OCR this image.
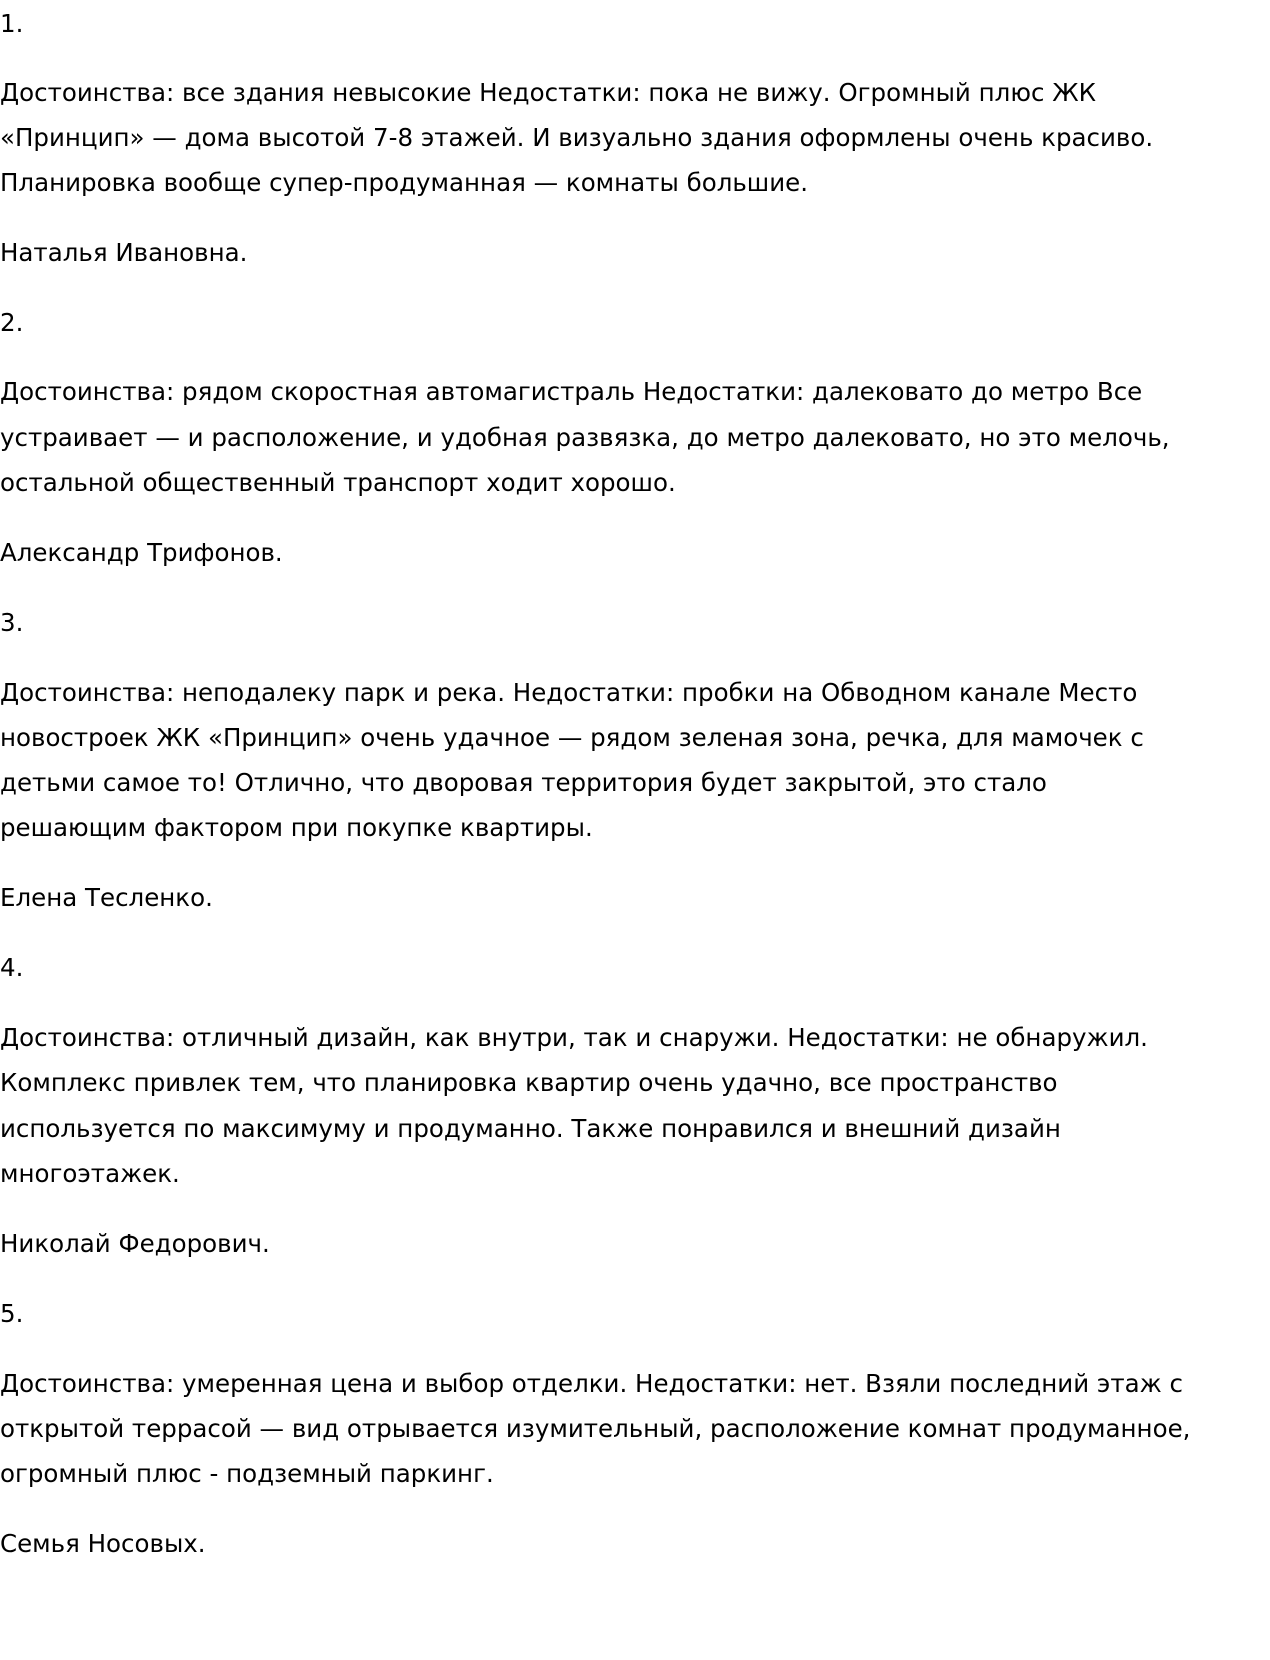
1.
Достоинства: все здания невысокие Недостатки: пока не вижу. Огромный плюс ЖК
«Принцип» — дома высотой 7-8 этажей. И визуально здания оформлены очень красиво.
Планировка вообще супер-продуманная — комнаты большие.
Наталья Ивановна.
2.
Достоинства: рядом скоростная автомагистраль Недостатки: далековато до метро Все
устраивает — и расположение, и удобная развязка, до метро далековато, но это мелочь,
остальной общественный транспорт ходит хорошо.
Александр Трифонов.
3.
Достоинства: неподалеку парк и река. Недостатки: пробки на Обводном канале Место
новостроек ЖК «Принцип» очень удачное — рядом зеленая зона, речка, для мамочек с
детьми самое то! Отлично, что дворовая территория будет закрытой, это стало
решающим фактором при покупке квартиры.
Елена Тесленко.
4.
Достоинства: отличный дизайн, как внутри, так и снаружи. Недостатки: не обнаружил.
Комплекс привлек тем, что планировка квартир очень удачно, все пространство
используется по максимуму и продуманно. Также понравился и внешний дизайн
многоэтажек.
Николай Федорович.
5.
Достоинства: умеренная цена и выбор отделки. Недостатки: нет. Взяли последний этаж с
открытой террасой — вид отрывается изумительный, расположение комнат продуманное,
огромный плюс - подземный паркинг.
Семья Носовых.
